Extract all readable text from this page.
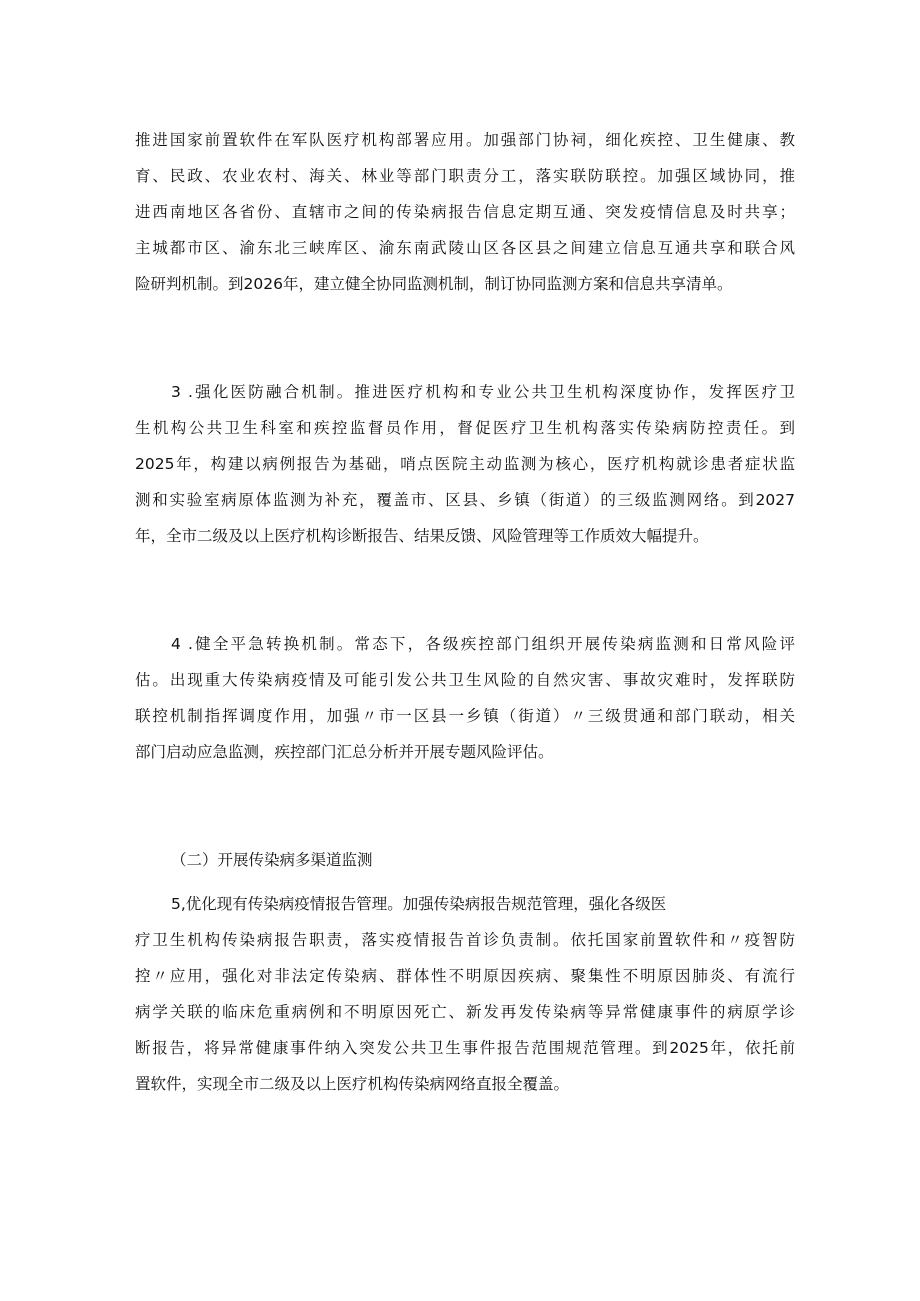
推进国家前置软件在军队医疗机构部署应用。加强部门协祠，细化疾控、卫生健康、教
育、民政、农业农村、海关、林业等部门职责分工，落实联防联控。加强区域协同，推
进西南地区各省份、直辖市之间的传染病报告信息定期互通、突发疫情信息及时共享；
主城都市区、渝东北三峡库区、渝东南武陵山区各区县之间建立信息互通共享和联合风
险研判机制。到2026年，建立健全协同监测机制，制订协同监测方案和信息共享清单。

3 .强化医防融合机制。推进医疗机构和专业公共卫生机构深度协作，发挥医疗卫
生机构公共卫生科室和疾控监督员作用，督促医疗卫生机构落实传染病防控责任。到
2025年，构建以病例报告为基础，哨点医院主动监测为核心，医疗机构就诊患者症状监
测和实验室病原体监测为补充，覆盖市、区县、乡镇（街道）的三级监测网络。到2027
年，全市二级及以上医疗机构诊断报告、结果反馈、风险管理等工作质效大幅提升。

4 .健全平急转换机制。常态下，各级疾控部门组织开展传染病监测和日常风险评
估。出现重大传染病疫情及可能引发公共卫生风险的自然灾害、事故灾难时，发挥联防
联控机制指挥调度作用，加强〃市一区县一乡镇（街道）〃三级贯通和部门联动，相关
部门启动应急监测，疾控部门汇总分析并开展专题风险评估。

（二）开展传染病多渠道监测

5,优化现有传染病疫情报告管理。加强传染病报告规范管理，强化各级医
疗卫生机构传染病报告职责，落实疫情报告首诊负责制。依托国家前置软件和〃疫智防
控〃应用，强化对非法定传染病、群体性不明原因疾病、聚集性不明原因肺炎、有流行
病学关联的临床危重病例和不明原因死亡、新发再发传染病等异常健康事件的病原学诊
断报告，将异常健康事件纳入突发公共卫生事件报告范围规范管理。到2025年，依托前
置软件，实现全市二级及以上医疗机构传染病网络直报全覆盖。
